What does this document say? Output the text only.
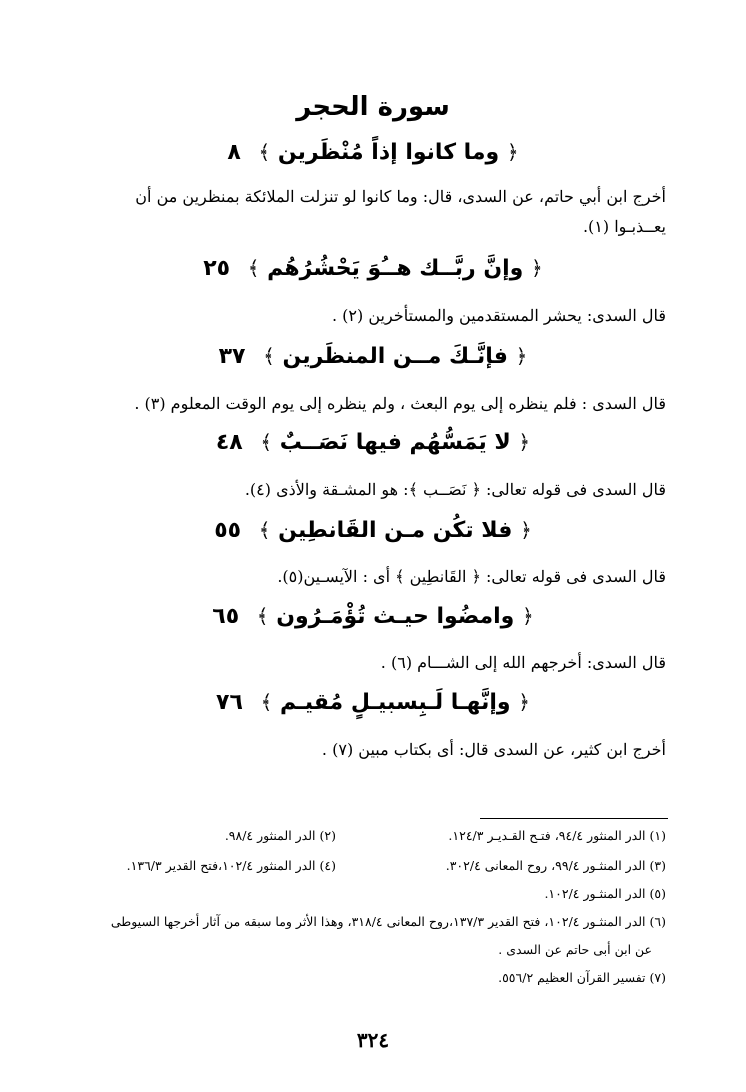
سورة الحجر
﴿ وما كانوا إذاً مُنْظَرين ﴾ ٨
أخرج ابن أبي حاتم، عن السدى، قال: وما كانوا لو تنزلت الملائكة بمنظرين من أن
يعــذبـوا (١).
﴿ وإنَّ ربَّــك هــُوَ يَحْشُرُهُم ﴾ ٢٥
قال السدى: يحشر المستقدمين والمستأخرين (٢) .
﴿ فإنَّـكَ مــن المنظَرين ﴾ ٣٧
قال السدى : فلم ينظره إلى يوم البعث ، ولم ينظره إلى يوم الوقت المعلوم (٣) .
﴿ لا يَمَسُّهُم فيها نَصَــبٌ ﴾ ٤٨
قال السدى فى قوله تعالى: ﴿ نَصَــب ﴾: هو المشـقة والأذى (٤).
﴿ فلا تكُن مـن القَانطِين ﴾ ٥٥
قال السدى فى قوله تعالى: ﴿ القَانطِين ﴾ أى : الآيسـين(٥).
﴿ وامضُوا حيـث تُؤْمَـرُون ﴾ ٦٥
قال السدى: أخرجهم الله إلى الشـــام (٦) .
﴿ وإنَّهـا لَـبِسبيـلٍ مُقيـم ﴾ ٧٦
أخرج ابن كثير، عن السدى قال: أى بكتاب مبين (٧) .
(١) الدر المنثور ٩٤/٤، فتـح القـديـر ١٢٤/٣.
(٢) الدر المنثور ٩٨/٤.
(٣) الدر المنثـور ٩٩/٤، روح المعانى ٣٠٢/٤.
(٤) الدر المنثور ١٠٢/٤،فتح القدير ١٣٦/٣.
(٥) الدر المنثـور ١٠٢/٤.
(٦) الدر المنثـور ١٠٢/٤، فتح القدير ١٣٧/٣،روح المعانى ٣١٨/٤، وهذا الأثر وما سبقه من آثار أخرجها السيوطى
عن ابن أبى حاتم عن السدى .
(٧) تفسير القرآن العظيم ٥٥٦/٢.
٣٢٤
